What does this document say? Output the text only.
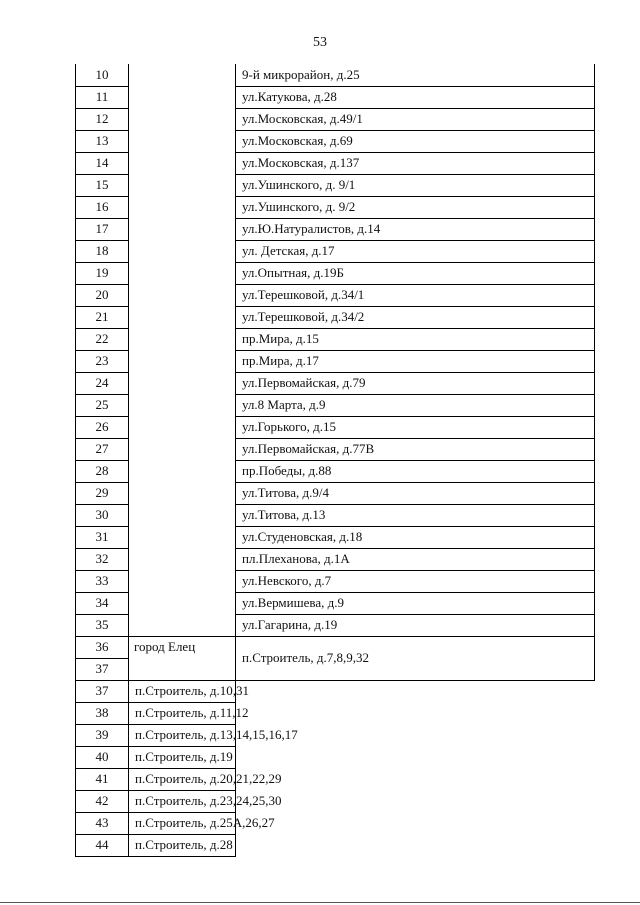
53
10		9-й микрорайон, д.25
11		ул.Катукова, д.28
12		ул.Московская, д.49/1
13		ул.Московская, д.69
14		ул.Московская, д.137
15		ул.Ушинского, д. 9/1
16		ул.Ушинского, д. 9/2
17		ул.Ю.Натуралистов, д.14
18		ул. Детская, д.17
19		ул.Опытная, д.19Б
20		ул.Терешковой, д.34/1
21		ул.Терешковой, д.34/2
22		пр.Мира, д.15
23		пр.Мира, д.17
24		ул.Первомайская, д.79
25		ул.8 Марта, д.9
26		ул.Горького, д.15
27		ул.Первомайская, д.77В
28		пр.Победы, д.88
29		ул.Титова, д.9/4
30		ул.Титова, д.13
31		ул.Студеновская, д.18
32		пл.Плеханова, д.1А
33		ул.Невского, д.7
34		ул.Вермишева, д.9
35		ул.Гагарина, д.19
36	город Елец	п.Строитель, д.7,8,9,32
37		
37	п.Строитель, д.10,31	
38	п.Строитель, д.11,12	
39	п.Строитель, д.13,14,15,16,17	
40	п.Строитель, д.19	
41	п.Строитель, д.20,21,22,29	
42	п.Строитель, д.23,24,25,30	
43	п.Строитель, д.25А,26,27	
44	п.Строитель, д.28	
